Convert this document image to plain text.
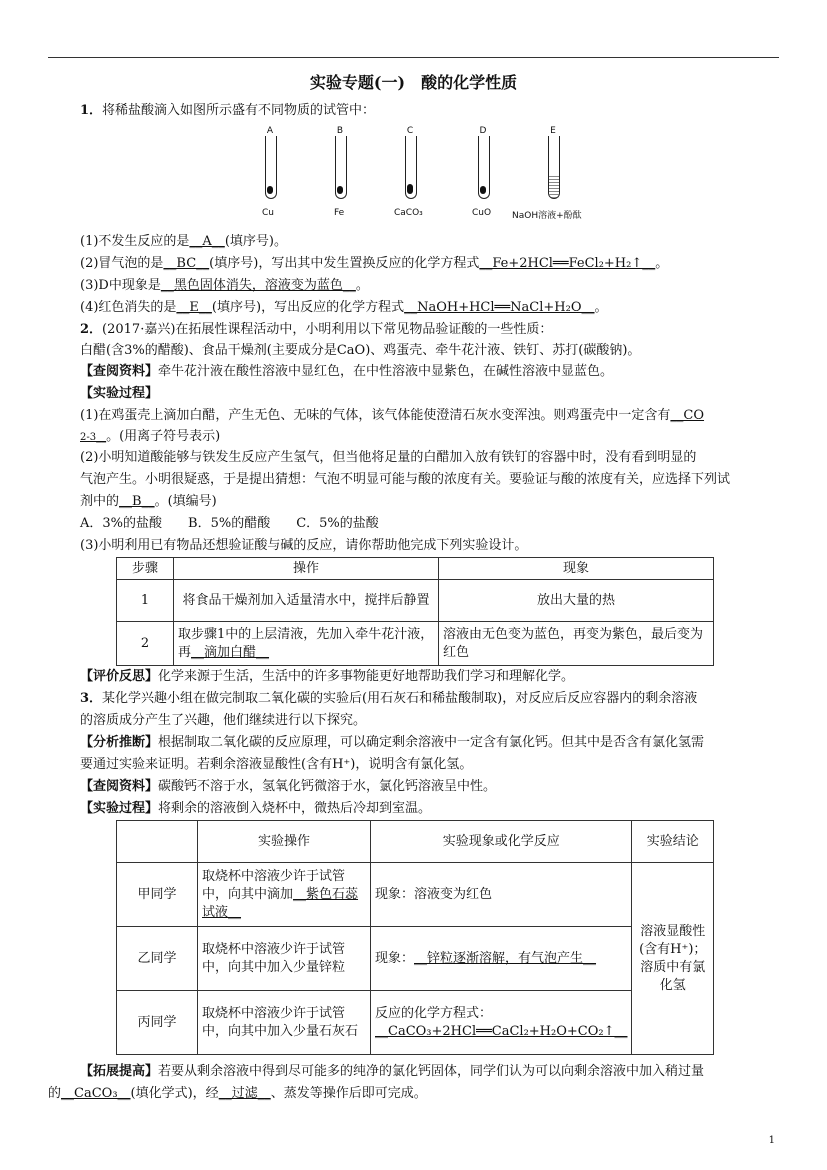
实验专题(一)　酸的化学性质
1．将稀盐酸滴入如图所示盛有不同物质的试管中：
A
Cu
B
Fe
C
CaCO₃
D
CuO
E
NaOH溶液+酚酞
(1)不发生反应的是__A__(填序号)。
(2)冒气泡的是__BC__(填序号)，写出其中发生置换反应的化学方程式__Fe+2HCl══FeCl₂+H₂↑__。
(3)D中现象是__黑色固体消失，溶液变为蓝色__。
(4)红色消失的是__E__(填序号)，写出反应的化学方程式__NaOH+HCl══NaCl+H₂O__。
2．(2017·嘉兴)在拓展性课程活动中，小明利用以下常见物品验证酸的一些性质：
白醋(含3%的醋酸)、食品干燥剂(主要成分是CaO)、鸡蛋壳、牵牛花汁液、铁钉、苏打(碳酸钠)。
【查阅资料】牵牛花汁液在酸性溶液中显红色，在中性溶液中显紫色，在碱性溶液中显蓝色。
【实验过程】
(1)在鸡蛋壳上滴加白醋，产生无色、无味的气体，该气体能使澄清石灰水变浑浊。则鸡蛋壳中一定含有__CO
2-3__。(用离子符号表示)
(2)小明知道酸能够与铁发生反应产生氢气，但当他将足量的白醋加入放有铁钉的容器中时，没有看到明显的
气泡产生。小明很疑惑，于是提出猜想：气泡不明显可能与酸的浓度有关。要验证与酸的浓度有关，应选择下列试
剂中的__B__。(填编号)
A．3%的盐酸　　B．5%的醋酸　　C．5%的盐酸
(3)小明利用已有物品还想验证酸与碱的反应，请你帮助他完成下列实验设计。
步骤	操作	现象
1	将食品干燥剂加入适量清水中，搅拌后静置	放出大量的热
2	取步骤1中的上层清液，先加入牵牛花汁液，再__滴加白醋__	溶液由无色变为蓝色，再变为紫色，最后变为红色
【评价反思】化学来源于生活，生活中的许多事物能更好地帮助我们学习和理解化学。
3．某化学兴趣小组在做完制取二氧化碳的实验后(用石灰石和稀盐酸制取)，对反应后反应容器内的剩余溶液
的溶质成分产生了兴趣，他们继续进行以下探究。
【分析推断】根据制取二氧化碳的反应原理，可以确定剩余溶液中一定含有氯化钙。但其中是否含有氯化氢需
要通过实验来证明。若剩余溶液显酸性(含有H⁺)，说明含有氯化氢。
【查阅资料】碳酸钙不溶于水，氢氧化钙微溶于水，氯化钙溶液呈中性。
【实验过程】将剩余的溶液倒入烧杯中，微热后冷却到室温。
	实验操作	实验现象或化学反应	实验结论
甲同学	取烧杯中溶液少许于试管中，向其中滴加__紫色石蕊试液__	现象：溶液变为红色	溶液显酸性(含有H⁺)；溶质中有氯化氢
乙同学	取烧杯中溶液少许于试管中，向其中加入少量锌粒	现象：__锌粒逐渐溶解，有气泡产生__	
丙同学	取烧杯中溶液少许于试管中，向其中加入少量石灰石	反应的化学方程式：
__CaCO₃+2HCl══CaCl₂+H₂O+CO₂↑__	
【拓展提高】若要从剩余溶液中得到尽可能多的纯净的氯化钙固体，同学们认为可以向剩余溶液中加入稍过量
的__CaCO₃__(填化学式)，经__过滤__、蒸发等操作后即可完成。
1
